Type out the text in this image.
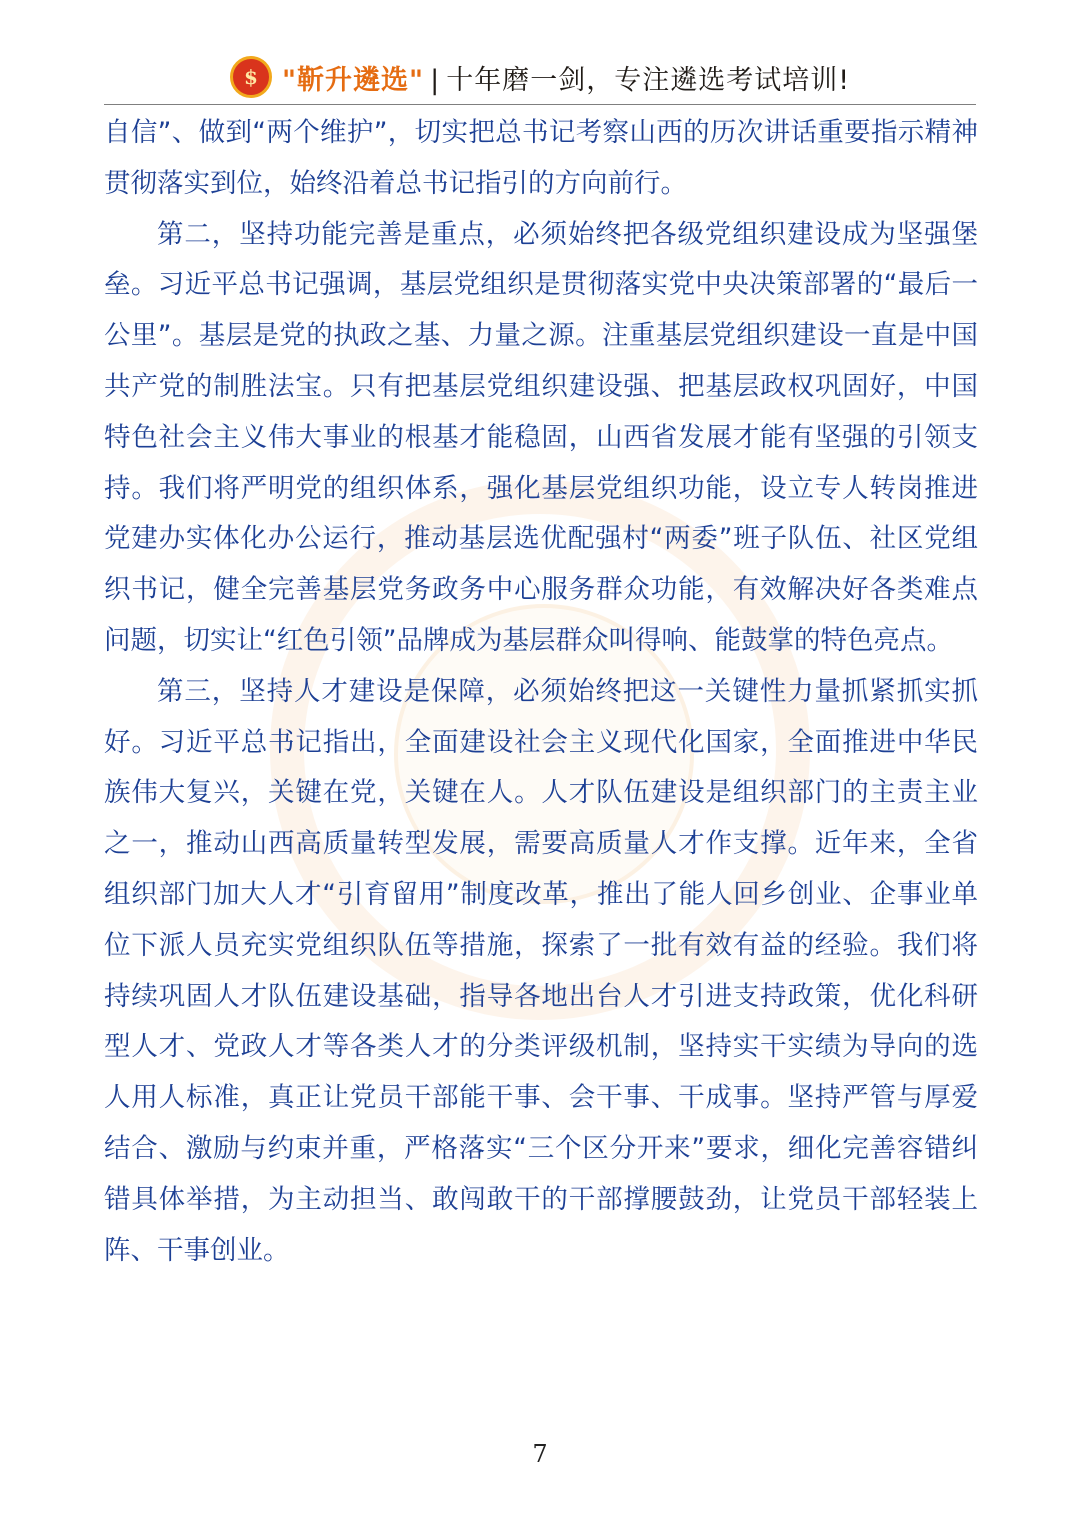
$ "靳升遴选" | 十年磨一剑，专注遴选考试培训!

自信”、做到“两个维护”，切实把总书记考察山西的历次讲话重要指示精神贯彻落实到位，始终沿着总书记指引的方向前行。

第二，坚持功能完善是重点，必须始终把各级党组织建设成为坚强堡垒。习近平总书记强调，基层党组织是贯彻落实党中央决策部署的“最后一公里”。基层是党的执政之基、力量之源。注重基层党组织建设一直是中国共产党的制胜法宝。只有把基层党组织建设强、把基层政权巩固好，中国特色社会主义伟大事业的根基才能稳固，山西省发展才能有坚强的引领支持。我们将严明党的组织体系，强化基层党组织功能，设立专人转岗推进党建办实体化办公运行，推动基层选优配强村“两委”班子队伍、社区党组织书记，健全完善基层党务政务中心服务群众功能，有效解决好各类难点问题，切实让“红色引领”品牌成为基层群众叫得响、能鼓掌的特色亮点。

第三，坚持人才建设是保障，必须始终把这一关键性力量抓紧抓实抓好。习近平总书记指出，全面建设社会主义现代化国家，全面推进中华民族伟大复兴，关键在党，关键在人。人才队伍建设是组织部门的主责主业之一，推动山西高质量转型发展，需要高质量人才作支撑。近年来，全省组织部门加大人才“引育留用”制度改革，推出了能人回乡创业、企事业单位下派人员充实党组织队伍等措施，探索了一批有效有益的经验。我们将持续巩固人才队伍建设基础，指导各地出台人才引进支持政策，优化科研型人才、党政人才等各类人才的分类评级机制，坚持实干实绩为导向的选人用人标准，真正让党员干部能干事、会干事、干成事。坚持严管与厚爱结合、激励与约束并重，严格落实“三个区分开来”要求，细化完善容错纠错具体举措，为主动担当、敢闯敢干的干部撑腰鼓劲，让党员干部轻装上阵、干事创业。

7
